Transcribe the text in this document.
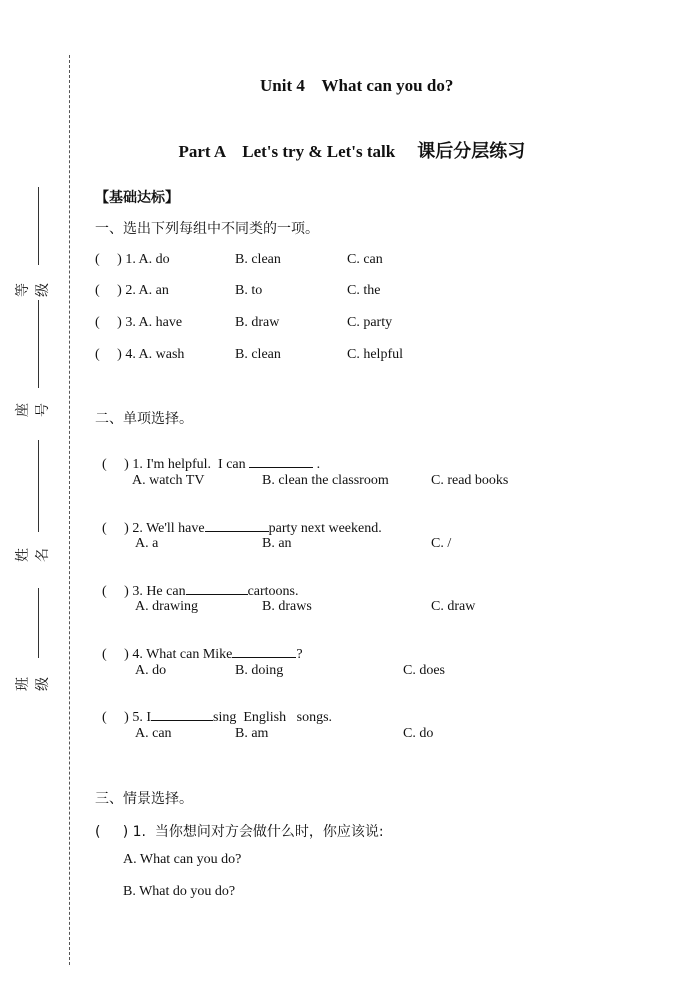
等级
座号
姓名
班级
Unit 4    What can you do?

Part A    Let's try & Let's talk 课后分层练习

【基础达标】
一、选出下列每组中不同类的一项。
(     ) 1. A. do	B. clean	C. can
(     ) 2. A. an	B. to	C. the
(     ) 3. A. have	B. draw	C. party
(     ) 4. A. wash	B. clean	C. helpful
二、单项选择。

(     ) 1. I'm helpful.  I can	.

A. watch TV	B. clean the classroom	C. read books

(     ) 2. We'll have	party next weekend.

A. a	B. an	C. /

(     ) 3. He can	cartoons.

A. drawing	B. draws	C. draw

(     ) 4. What can Mike	?

A. do	B. doing	C. does

(     ) 5. I	sing  English   songs.

A. can	B. am	C. do
三、情景选择。
(     ) 1.  当你想问对方会做什么时，你应该说:
A. What can you do?
B. What do you do?
